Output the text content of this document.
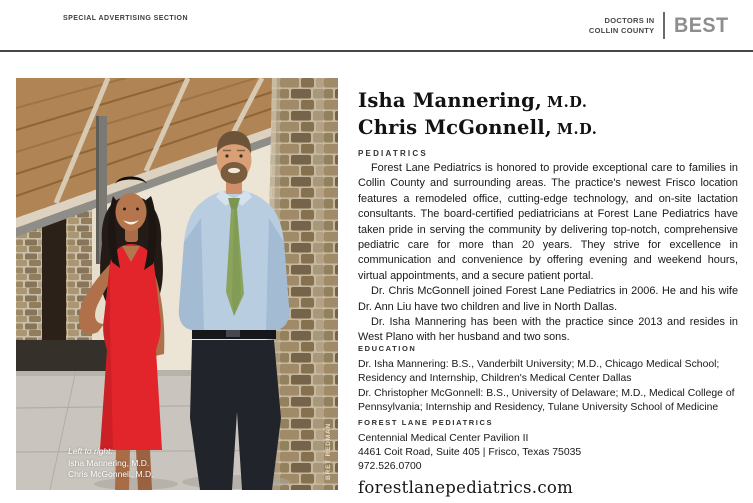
SPECIAL ADVERTISING SECTION	DOCTORS IN
COLLIN COUNTY BEST
Left to right:
Isha Mannering, M.D.
Chris McGonnell, M.D.	BRET REDMAN
Isha Mannering, M.D.
Chris McGonnell, M.D.
PEDIATRICS

Forest Lane Pediatrics is honored to provide exceptional care to families in Collin County and surrounding areas. The practice's newest Frisco location features a remodeled office, cutting-edge technology, and on-site lactation consultants. The board-certified pediatricians at Forest Lane Pediatrics have taken pride in serving the community by delivering top-notch, comprehensive pediatric care for more than 20 years. They strive for excellence in communication and convenience by offering evening and weekend hours, virtual appointments, and a secure patient portal.

Dr. Chris McGonnell joined Forest Lane Pediatrics in 2006. He and his wife Dr. Ann Liu have two children and live in North Dallas.

Dr. Isha Mannering has been with the practice since 2013 and resides in West Plano with her husband and two sons.

EDUCATION
Dr. Isha Mannering: B.S., Vanderbilt University; M.D., Chicago Medical School; Residency and Internship, Children's Medical Center Dallas
Dr. Christopher McGonnell: B.S., University of Delaware; M.D., Medical College of Pennsylvania; Internship and Residency, Tulane University School of Medicine
FOREST LANE PEDIATRICS
Centennial Medical Center Pavilion II
4461 Coit Road, Suite 405 | Frisco, Texas 75035
972.526.0700
forestlanepediatrics.com
